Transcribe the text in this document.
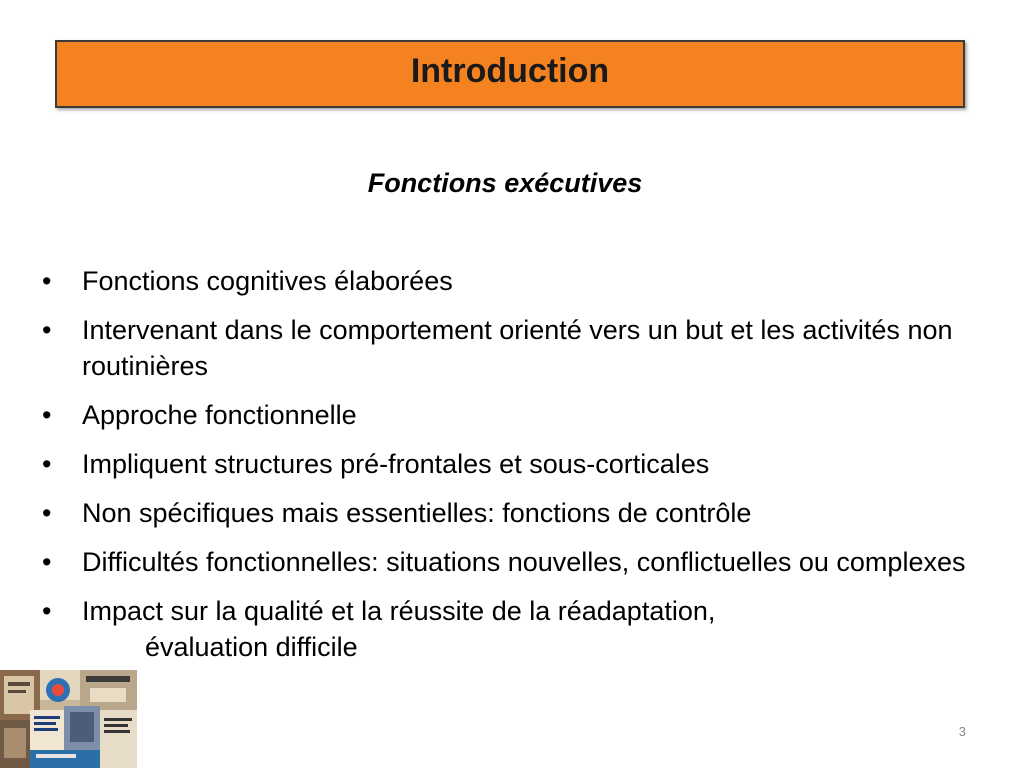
Introduction
Fonctions exécutives
• Fonctions cognitives élaborées
• Intervenant dans le comportement orienté vers un but et les activités non routinières
• Approche fonctionnelle
• Impliquent structures pré-frontales et sous-corticales
• Non spécifiques mais essentielles: fonctions de contrôle
• Difficultés fonctionnelles: situations nouvelles, conflictuelles ou complexes
• Impact sur la qualité et la réussite de la réadaptation,
évaluation difficile
3
